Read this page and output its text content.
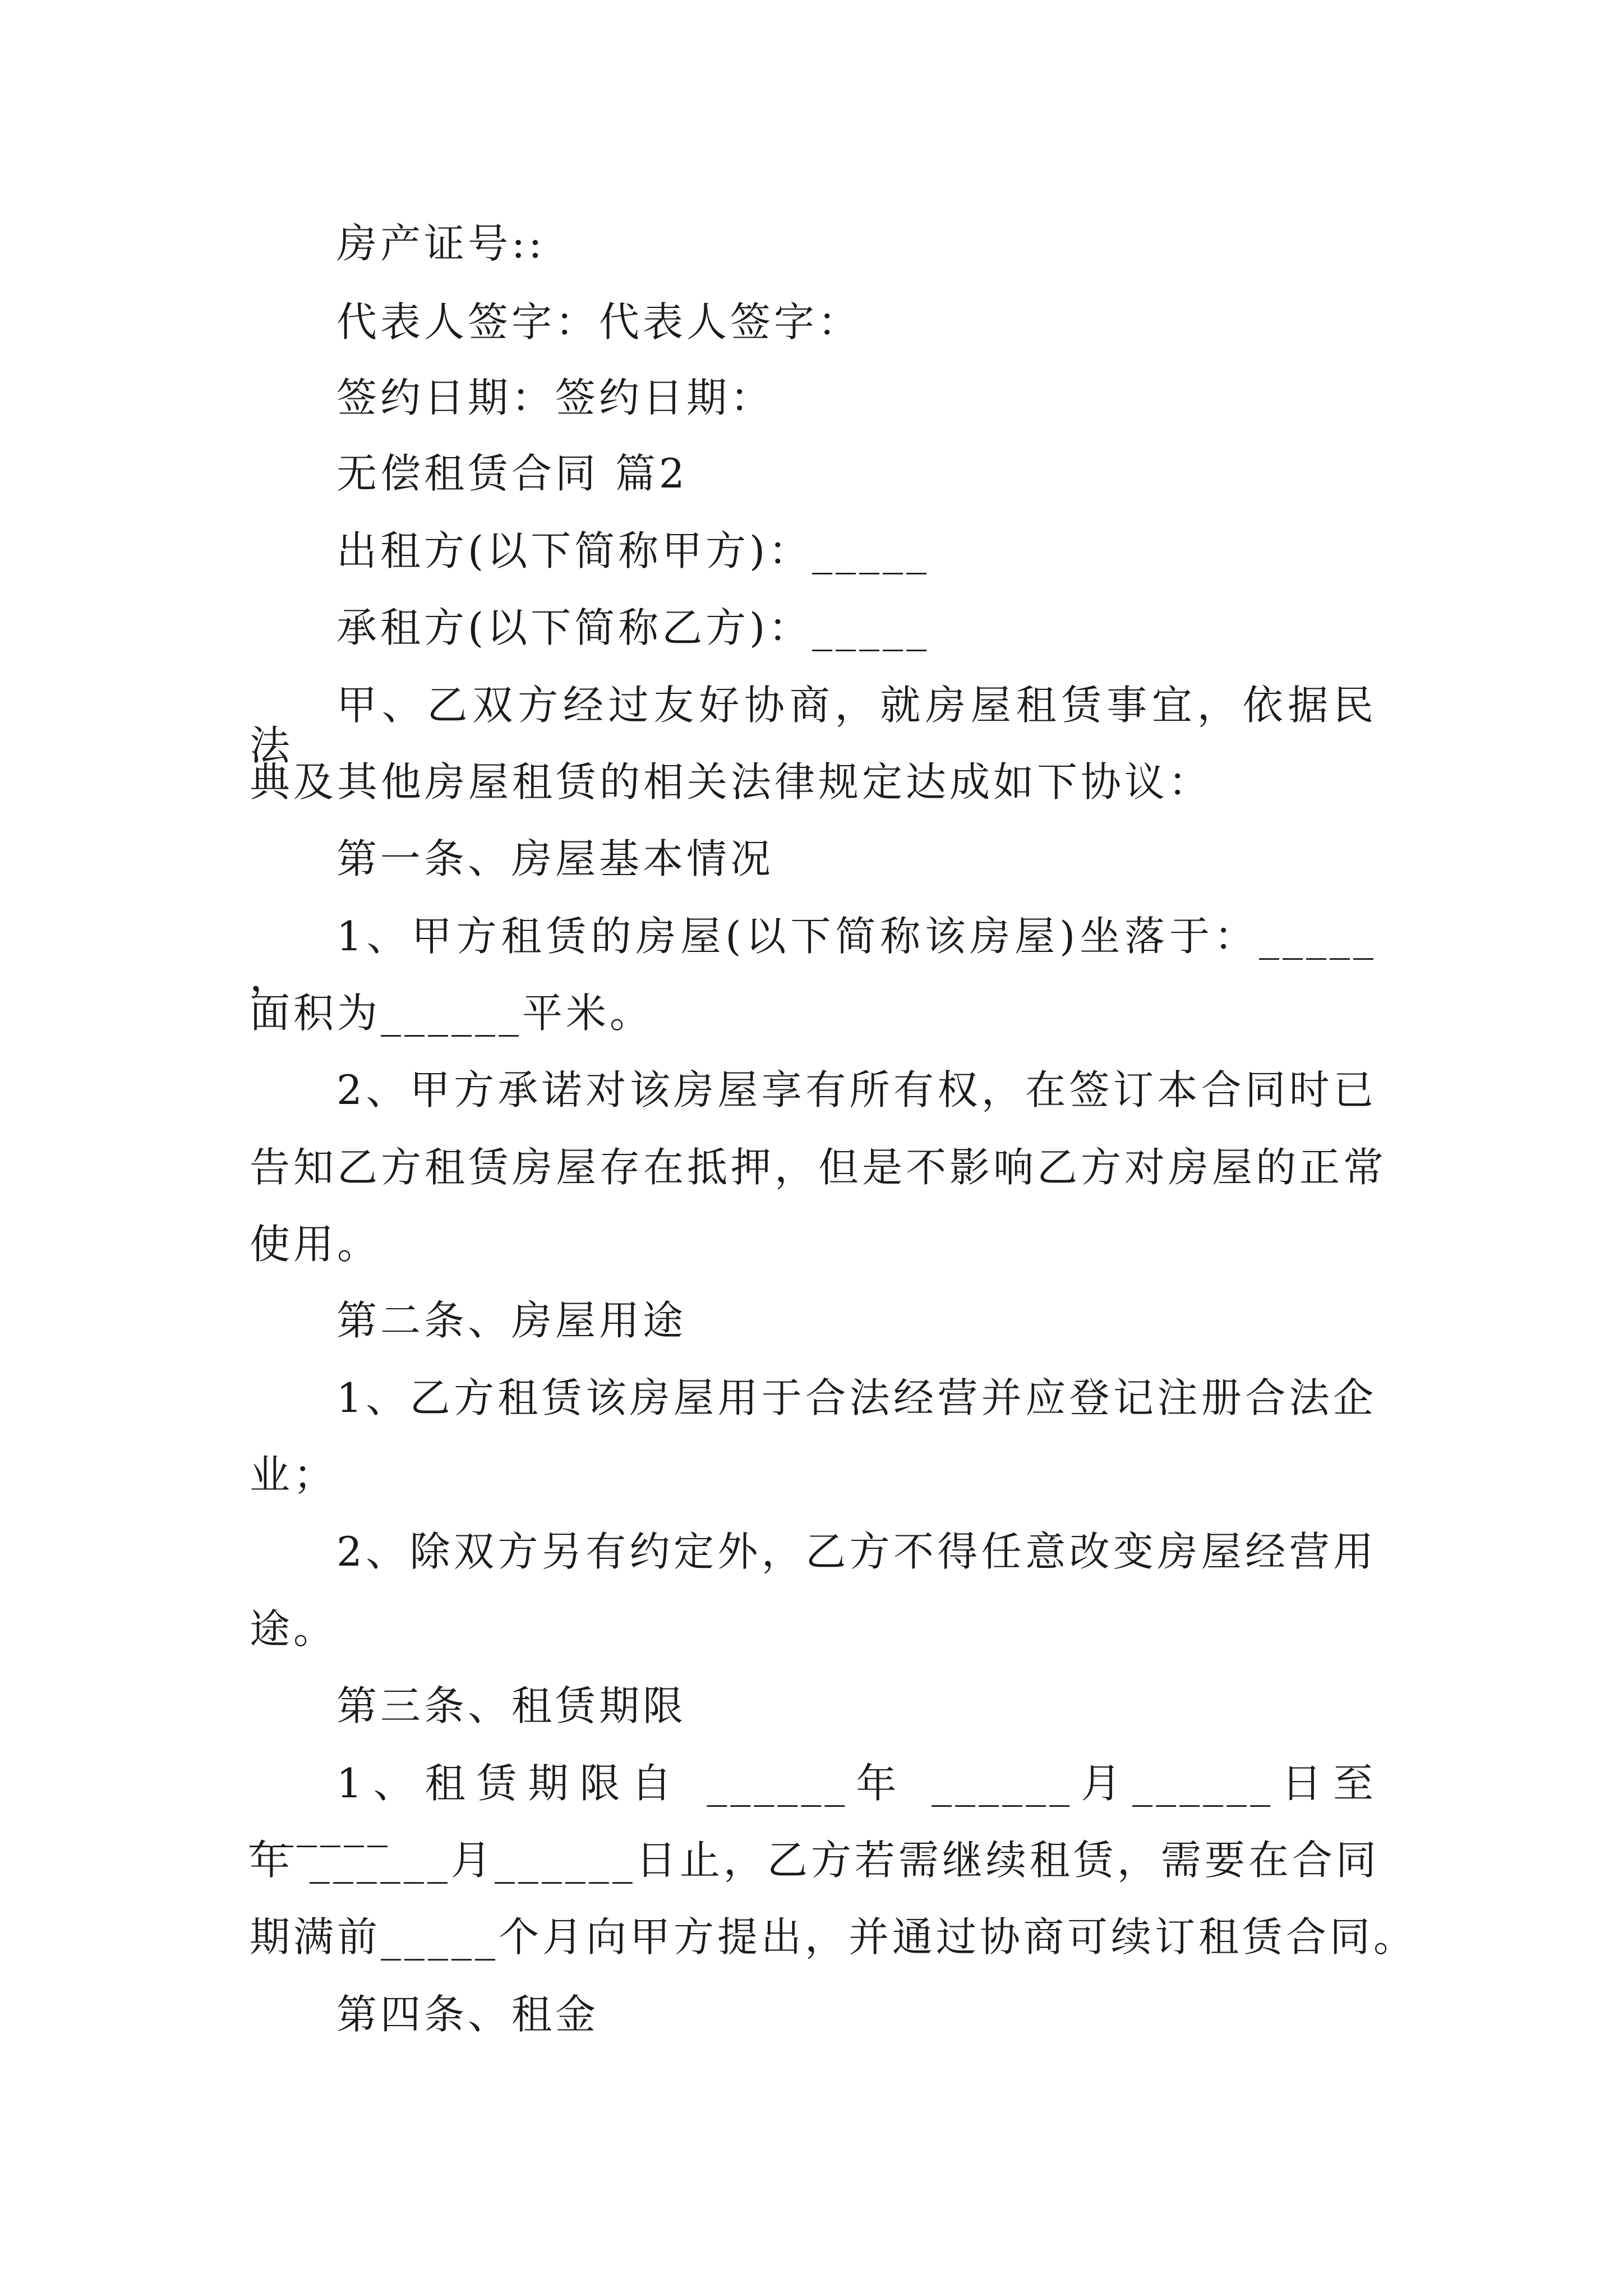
房产证号::
代表人签字：代表人签字：
签约日期：签约日期：
无偿租赁合同 篇2
出租方(以下简称甲方)：_____
承租方(以下简称乙方)：_____
甲、乙双方经过友好协商，就房屋租赁事宜，依据民法
典及其他房屋租赁的相关法律规定达成如下协议：
第一条、房屋基本情况
1、甲方租赁的房屋(以下简称该房屋)坐落于：_____ ，
面积为______平米。
2、甲方承诺对该房屋享有所有权，在签订本合同时已
告知乙方租赁房屋存在抵押，但是不影响乙方对房屋的正常
使用。
第二条、房屋用途
1、乙方租赁该房屋用于合法经营并应登记注册合法企
业；
2、除双方另有约定外，乙方不得任意改变房屋经营用
途。
第三条、租赁期限
1、租赁期限自 ______年 ______月______日至 ______
年 ______月______日止，乙方若需继续租赁，需要在合同
期满前_____个月向甲方提出，并通过协商可续订租赁合同。
第四条、租金
